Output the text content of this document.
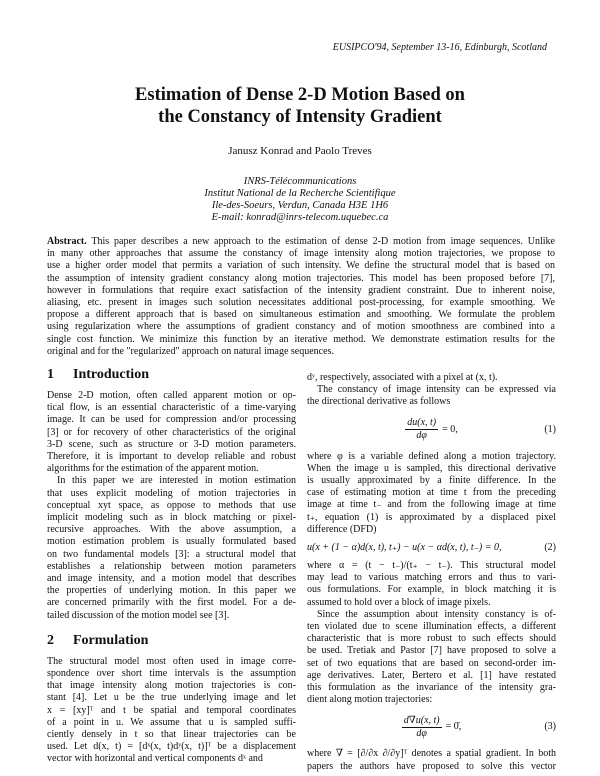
EUSIPCO'94, September 13-16, Edinburgh, Scotland
Estimation of Dense 2-D Motion Based on
the Constancy of Intensity Gradient
Janusz Konrad and Paolo Treves
INRS-Télécommunications
Institut National de la Recherche Scientifique
Ile-des-Soeurs, Verdun, Canada H3E 1H6
E-mail: konrad@inrs-telecom.uquebec.ca
Abstract. This paper describes a new approach to the estimation of dense 2-D motion from image sequences. Unlike
in many other approaches that assume the constancy of image intensity along motion trajectories, we propose to
use a higher order model that permits a variation of such intensity. We define the structural model that is based on
the assumption of intensity gradient constancy along motion trajectories. This model has been proposed before [7],
however in formulations that require exact satisfaction of the intensity gradient constraint. Due to inherent noise,
aliasing, etc. present in images such solution necessitates additional post-processing, for example smoothing. We
propose a different approach that is based on simultaneous estimation and smoothing. We formulate the problem
using regularization where the assumptions of gradient constancy and of motion smoothness are combined into a
single cost function. We minimize this function by an iterative method. We demonstrate estimation results for the
original and for the "regularized" approach on natural image sequences.
1 Introduction
Dense 2-D motion, often called apparent motion or op-
tical flow, is an essential characteristic of a time-varying
image. It can be used for compression and/or processing
[3] or for recovery of other characteristics of the original
3-D scene, such as structure or 3-D motion parameters.
Therefore, it is important to develop reliable and robust
algorithms for the estimation of the apparent motion.
In this paper we are interested in motion estimation
that uses explicit modeling of motion trajectories in
conceptual xyt space, as oppose to methods that use
implicit modeling such as in block matching or pixel-
recursive approaches. With the above assumption, a
motion estimation problem is usually formulated based
on two fundamental models [3]: a structural model that
establishes a relationship between motion parameters
and image intensity, and a motion model that describes
the properties of underlying motion. In this paper we
are concerned primarily with the first model. For a de-
tailed discussion of the motion model see [3].
2 Formulation
The structural model most often used in image corre-
spondence over short time intervals is the assumption
that image intensity along motion trajectories is con-
stant [4]. Let u be the true underlying image and let
x = [xy]ᵀ and t be spatial and temporal coordinates
of a point in u. We assume that u is sampled suffi-
ciently densely in t so that linear trajectories can be
used. Let d(x, t) = [dˣ(x, t)dʸ(x, t)]ᵀ be a displacement
vector with horizontal and vertical components dˣ and
dʸ, respectively, associated with a pixel at (x, t).
The constancy of image intensity can be expressed via
the directional derivative as follows
$\frac{du(x, t)}{d\varphi} = 0$,	(1)
where φ is a variable defined along a motion trajectory.
When the image u is sampled, this directional derivative
is usually approximated by a finite difference. In the
case of estimating motion at time t from the preceding
image at time t₋ and from the following image at time
t₊, equation (1) is approximated by a displaced pixel
difference (DFD)
u(x + (1 − α)d(x, t), t₊) − u(x − αd(x, t), t₋) = 0,	(2)
where α = (t − t₋)/(t₊ − t₋). This structural model
may lead to various matching errors and thus to vari-
ous formulations. For example, in block matching it is
assumed to hold over a block of image pixels.
Since the assumption about intensity constancy is of-
ten violated due to scene illumination effects, a different
characteristic that is more robust to such effects should
be used. Tretiak and Pastor [7] have proposed to solve a
set of two equations that are based on second-order im-
age derivatives. Later, Bertero et al. [1] have restated
this formulation as the invariance of the intensity gra-
dient along motion trajectories:
$\frac{d\nabla u(x, t)}{d\varphi}$ = 0̄,	(3)
where ∇ = [∂/∂x ∂/∂y]ᵀ denotes a spatial gradient. In both
papers the authors have proposed to solve this vector
